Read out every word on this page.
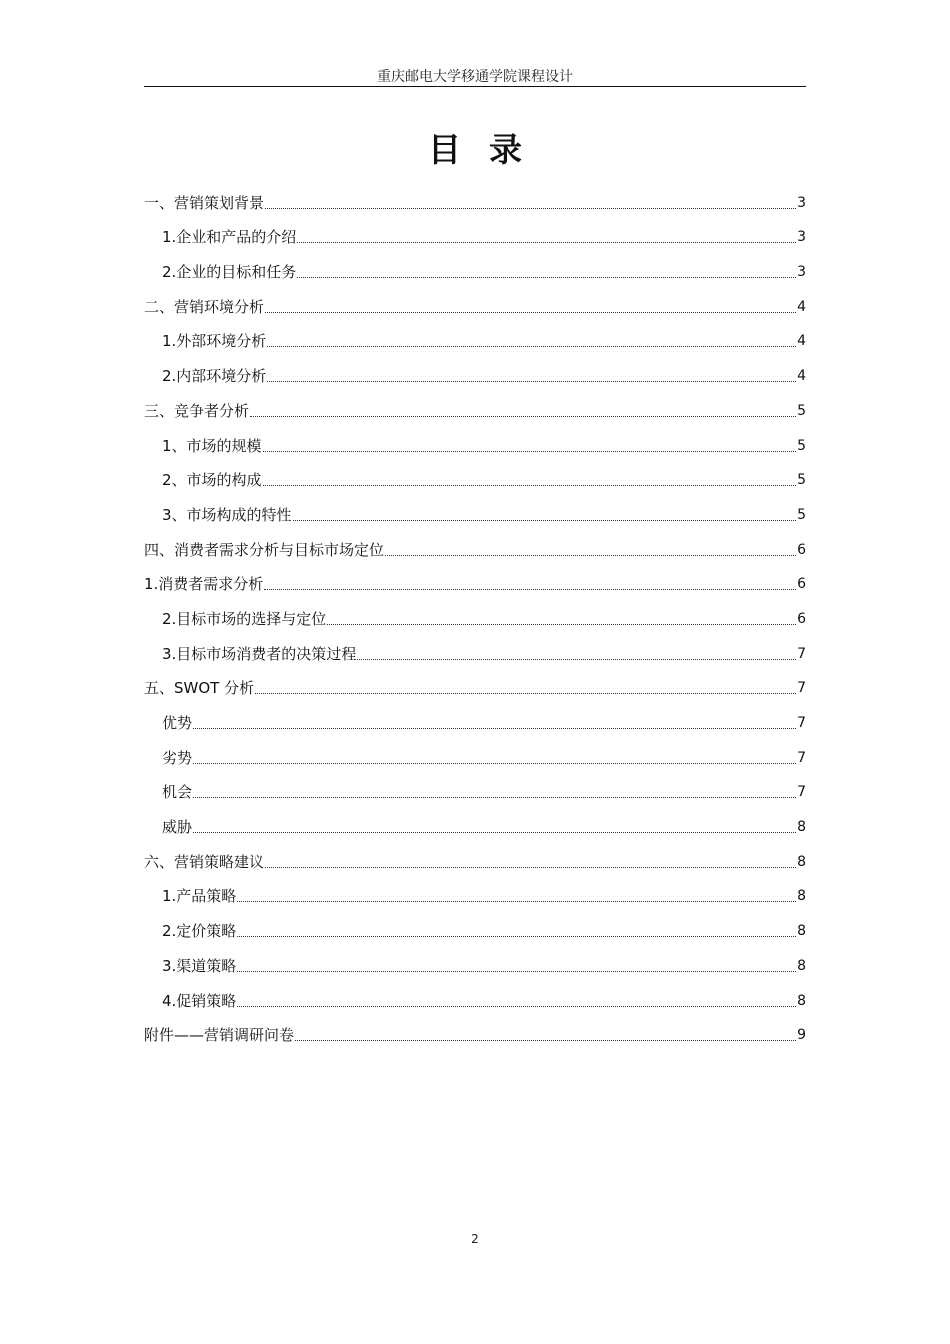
重庆邮电大学移通学院课程设计
目录
一、营销策划背景	3
1.企业和产品的介绍	3
2.企业的目标和任务	3
二、营销环境分析	4
1.外部环境分析	4
2.内部环境分析	4
三、竞争者分析	5
1、市场的规模	5
2、市场的构成	5
3、市场构成的特性	5
四、消费者需求分析与目标市场定位	6
1.消费者需求分析	6
2.目标市场的选择与定位	6
3.目标市场消费者的决策过程	7
五、SWOT 分析	7
优势	7
劣势	7
机会	7
威胁	8
六、营销策略建议	8
1.产品策略	8
2.定价策略	8
3.渠道策略	8
4.促销策略	8
附件——营销调研问卷	9
2
